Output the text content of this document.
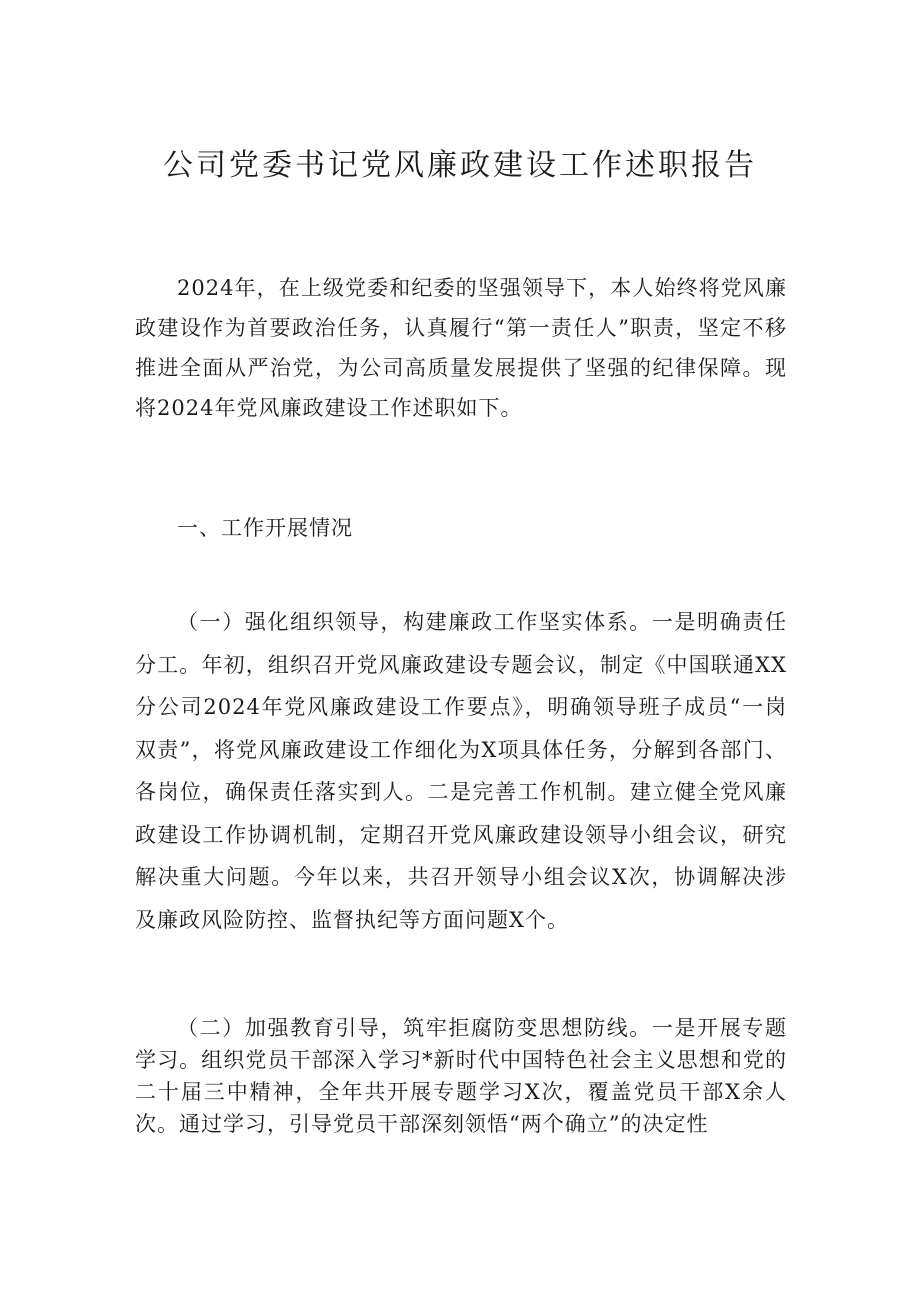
公司党委书记党风廉政建设工作述职报告

2024年，在上级党委和纪委的坚强领导下，本人始终将党风廉政建设作为首要政治任务，认真履行“第一责任人”职责，坚定不移推进全面从严治党，为公司高质量发展提供了坚强的纪律保障。现将2024年党风廉政建设工作述职如下。

一、工作开展情况

（一）强化组织领导，构建廉政工作坚实体系。一是明确责任分工。年初，组织召开党风廉政建设专题会议，制定《中国联通XX分公司2024年党风廉政建设工作要点》，明确领导班子成员“一岗双责”，将党风廉政建设工作细化为X项具体任务，分解到各部门、各岗位，确保责任落实到人。二是完善工作机制。建立健全党风廉政建设工作协调机制，定期召开党风廉政建设领导小组会议，研究解决重大问题。今年以来，共召开领导小组会议X次，协调解决涉及廉政风险防控、监督执纪等方面问题X个。

（二）加强教育引导，筑牢拒腐防变思想防线。一是开展专题学习。组织党员干部深入学习*新时代中国特色社会主义思想和党的二十届三中精神，全年共开展专题学习X次，覆盖党员干部X余人次。通过学习，引导党员干部深刻领悟“两个确立”的决定性
